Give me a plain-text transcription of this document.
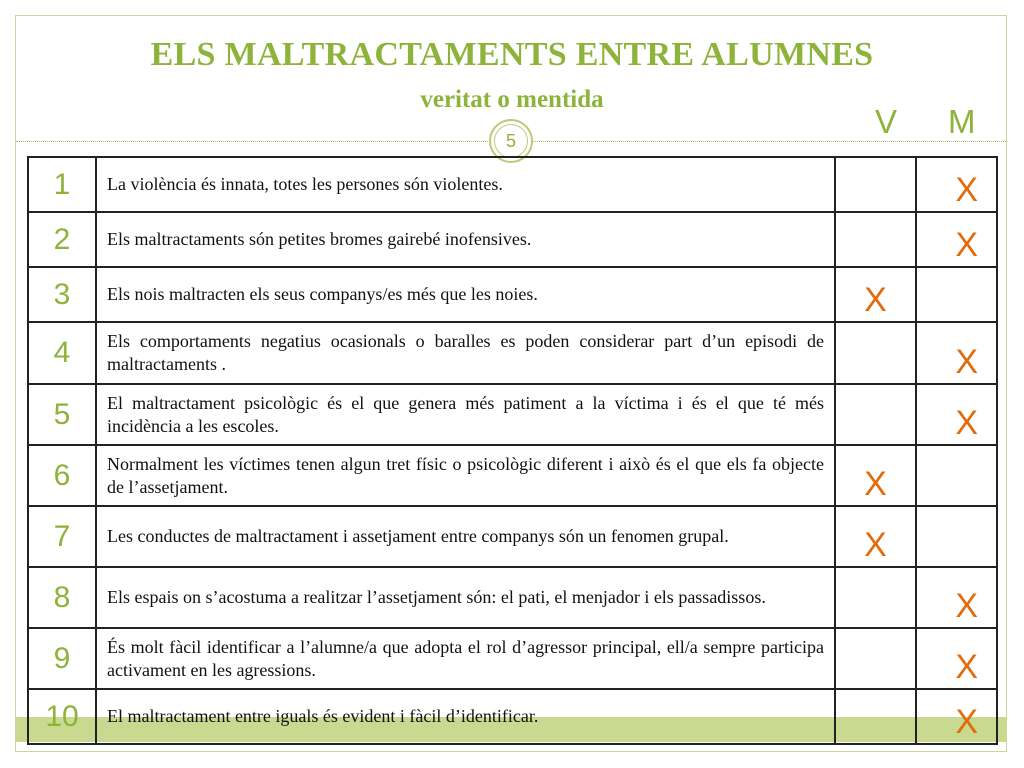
ELS MALTRACTAMENTS ENTRE ALUMNES
veritat o mentida
5
V M
1	La violència és innata, totes les persones són violentes.		X

2	Els maltractaments són petites bromes gairebé inofensives.		X

3	Els nois maltracten els seus companys/es més que les noies.	X	

4	Els comportaments negatius ocasionals o baralles es poden considerar part d’un episodi de maltractaments .		X

5	El maltractament psicològic és el que genera més patiment a la víctima i és el que té més incidència a les escoles.		X

6	Normalment les víctimes tenen algun tret físic o psicològic diferent i això és el que els fa objecte de l’assetjament.	X	

7	Les conductes de maltractament i assetjament entre companys són un fenomen grupal.	X	

8	Els espais on s’acostuma a realitzar l’assetjament són: el pati, el menjador i els passadissos.		X

9	És molt fàcil identificar a l’alumne/a que adopta el rol d’agressor principal, ell/a sempre participa activament en les agressions.		X

10	El maltractament entre iguals és evident i fàcil d’identificar.		X
